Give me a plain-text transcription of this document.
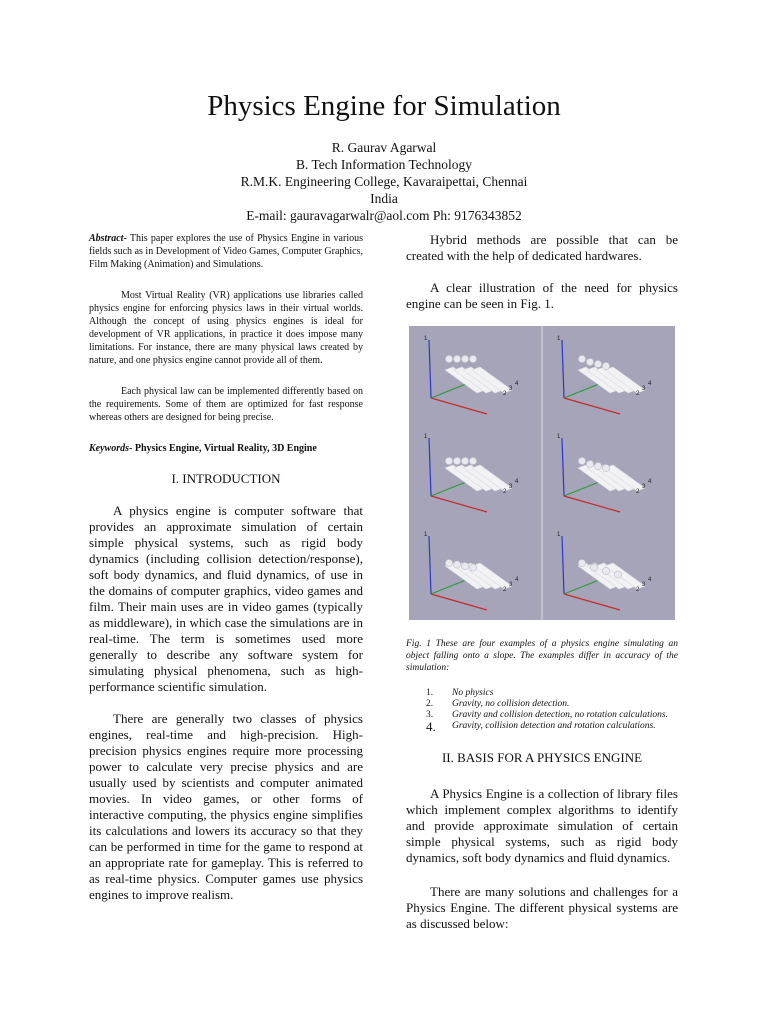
Physics Engine for Simulation
R. Gaurav Agarwal
B. Tech Information Technology
R.M.K. Engineering College, Kavaraipettai, Chennai
India
E-mail: gauravagarwalr@aol.com Ph: 9176343852

Abstract- This paper explores the use of Physics Engine in various fields such as in Development of Video Games, Computer Graphics, Film Making (Animation) and Simulations.

Most Virtual Reality (VR) applications use libraries called physics engine for enforcing physics laws in their virtual worlds. Although the concept of using physics engines is ideal for development of VR applications, in practice it does impose many limitations. For instance, there are many physical laws created by nature, and one physics engine cannot provide all of them.

Each physical law can be implemented differently based on the requirements. Some of them are optimized for fast response whereas others are designed for being precise.

Keywords- Physics Engine, Virtual Reality, 3D Engine

I. INTRODUCTION

A physics engine is computer software that provides an approximate simulation of certain simple physical systems, such as rigid body dynamics (including collision detection/response), soft body dynamics, and fluid dynamics, of use in the domains of computer graphics, video games and film. Their main uses are in video games (typically as middleware), in which case the simulations are in real-time. The term is sometimes used more generally to describe any software system for simulating physical phenomena, such as high-performance scientific simulation.

There are generally two classes of physics engines, real-time and high-precision. High-precision physics engines require more processing power to calculate very precise physics and are usually used by scientists and computer animated movies. In video games, or other forms of interactive computing, the physics engine simplifies its calculations and lowers its accuracy so that they can be performed in time for the game to respond at an appropriate rate for gameplay. This is referred to as real-time physics. Computer games use physics engines to improve realism.

Hybrid methods are possible that can be created with the help of dedicated hardwares.

A clear illustration of the need for physics engine can be seen in Fig. 1.

1
2
3
4
1
2
3
4
1
2
3
4
1
2
3
4
1
2
3
4
1
2
3
4

Fig. 1 These are four examples of a physics engine simulating an object falling onto a slope. The examples differ in accuracy of the simulation:

1.	No physics
2.	Gravity, no collision detection.
3.	Gravity and collision detection, no rotation calculations.
4.	Gravity, collision detection and rotation calculations.
II. BASIS FOR A PHYSICS ENGINE

A Physics Engine is a collection of library files which implement complex algorithms to identify and provide approximate simulation of certain simple physical systems, such as rigid body dynamics, soft body dynamics and fluid dynamics.

There are many solutions and challenges for a Physics Engine. The different physical systems are as discussed below:
